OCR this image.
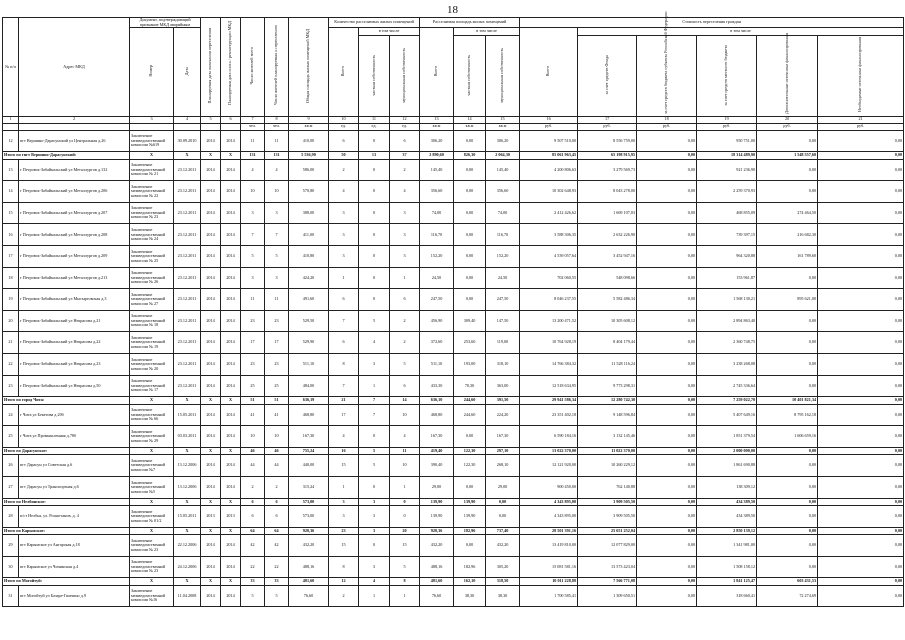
18
№ п/п	Адрес МКД	Документ, подтверждающий признание МКД аварийным		Планируемая дата окончания переселения	Планируемая дата сноса / реконструкции МКД	Число жителей всего	Число жителей планируемых к переселению	Общая площадь жилых помещений МКД	Количество расселяемых жилых помещений			Расселяемая площадь жилых помещений			Стоимость переселения граждан					
		Номер	Дата						Всего	в том числе		Всего	в том числе		Всего	в том числе				
										частная собственность	муниципальная собственность		частная собственность	муниципальная собственность		за счет средств Фонда	за счет средств бюджета субъекта Российской Федерации	за счет средств местного бюджета	Дополнительные источники финансирования	Необходимые источники финансирования
1	2	3	4	5	6	7	8	9	10	11	12	13	14	15	16	17	18	19	20	21
						чел.	чел.	кв.м	ед.	ед.	ед.	кв.м	кв.м	кв.м	руб.	руб.	руб.	руб.	руб.	руб.
12	пгт Вершино-Дарасунский ул Центральная д.26	Заключение межведомственной комиссии №619	30.09.2010	2014	2014	11	11	410,00	6	0	6	306,20	0,00	306,20	9 507 510,00	8 556 759,00	0,00	950 751,00	0,00	0,00
Итого по гпгт Вершино-Дарасунский:		X	X	X	X	131	131	5 536,90	50	13	37	2 890,60	826,30	2 064,30	85 061 963,45	65 198 915,95	0,00	18 314 489,90	1 548 557,60	0,00
13	г Петровск-Забайкальский ул Металлургов д.132	Заключение межведомственной комиссии № 21	23.12.2011	2014	2014	4	4	586,00	2	0	2	145,40	0,00	145,40	4 200 806,63	3 279 569,73	0,00	921 236,90	0,00	0,00
14	г Петровск-Забайкальский ул Металлургов д.206	Заключение межведомственной комиссии № 22	23.12.2011	2014	2014	10	10	570,80	4	0	4	356,60	0,00	356,60	10 302 648,93	8 043 278,00	0,00	2 259 370,93	0,00	0,00
15	г Петровск-Забайкальский ул Металлургов д.207	Заключение межведомственной комиссии № 23	23.12.2011	2014	2014	3	3	388,00	3	0	3	74,00	0,00	74,00	2 412 426,62	1 669 107,03	0,00	468 855,09	274 464,50	0,00
16	г Петровск-Забайкальский ул Металлургов д.208	Заключение межведомственной комиссии № 24	23.12.2011	2014	2014	7	7	411,00	3	0	3	116,70	0,00	116,70	3 588 306,35	2 632 226,90	0,00	739 397,15	216 682,30	0,00
17	г Петровск-Забайкальский ул Металлургов д.209	Заключение межведомственной комиссии № 25	23.12.2011	2014	2014	5	5	410,80	3	0	3	152,20	0,00	152,20	4 539 057,64	3 452 947,16	0,00	964 320,88	161 789,60	0,00
18	г Петровск-Забайкальский ул Металлургов д.213	Заключение межведомственной комиссии № 26	23.12.2011	2014	2014	3	3	424,20	1	0	1	24,50	0,00	24,50	702 060,55	548 098,66	0,00	153 961,87	0,00	0,00
19	г Петровск-Забайкальский ул Мысыртовская д.3	Заключение межведомственной комиссии № 27	23.12.2011	2014	2014	11	11	491,60	6	0	6	247,50	0,00	247,50	8 046 237,55	5 582 486,34	0,00	1 568 130,21	895 621,00	0,00
20	г Петровск-Забайкальский ул Некрасова д.21	Заключение межведомственной комиссии № 18	23.12.2011	2014	2014	23	23	529,50	7	5	2	456,90	309,40	147,50	13 200 471,52	10 305 608,12	0,00	2 894 863,40	0,00	0,00
21	г Петровск-Забайкальский ул Некрасова д.22	Заключение межведомственной комиссии № 19	23.12.2011	2014	2014	17	17	529,90	6	4	2	372,60	253,60	119,00	10 764 928,19	8 404 179,44	0,00	2 360 748,75	0,00	0,00
22	г Петровск-Забайкальский ул Некрасова д.23	Заключение межведомственной комиссии № 20	23.12.2011	2014	2014	23	23	511,10	8	3	5	511,10	193,00	318,10	14 766 384,32	11 528 116,24	0,00	3 238 268,08	0,00	0,00
23	г Петровск-Забайкальский ул Некрасова д.50	Заключение межведомственной комиссии № 17	23.12.2011	2014	2014	25	25	484,00	7	1	6	433,30	70,30	363,00	12 518 634,95	9 773 298,31	0,00	2 745 336,64	0,00	0,00
Итого по город Чита:		X	X	X	X	51	51	636,19	21	7	14	636,10	244,60	391,50	29 941 586,34	12 280 742,30	0,00	7 259 022,70	10 401 821,34	0,00
24	г Чита ул Бекетова д.20б	Заключение межведомственной комиссии № 66	15.05.2011	2014	2014	41	41	468,80	17	7	10	468,80	244,60	224,20	23 351 402,18	9 148 596,84	0,00	5 407 649,16	8 795 162,18	0,00
25	г Чита ул Промышленная д.78б	Заключение межведомственной комиссии № 29	03.03.2011	2014	2014	10	10	167,30	4	0	4	167,30	0,00	167,30	6 590 184,16	3 132 145,46	0,00	1 851 379,54	1 606 659,16	0,00
Итого по Дарасунское:		X	X	X	X	46	46	755,24	16	5	11	419,40	122,30	297,10	13 022 370,00	11 022 370,00	0,00	2 000 000,00	0,00	0,00
26	пгт Дарасун ул Советская д.6	Заключение межведомственной комиссии №7	13.12.2006	2014	2014	44	44	440,00	15	5	10	390,40	122,30	268,10	12 121 920,00	10 260 229,12	0,00	1 861 690,88	0,00	0,00
27	пгт Дарасун ул Транспортная д.6	Заключение межведомственной комиссии №5	13.12.2006	2014	2014	2	2	315,24	1	0	1	29,00	0,00	29,00	900 450,00	762 140,88	0,00	138 309,12	0,00	0,00
Итого по Нелбинское:		X	X	X	X	6	6	573,00	3	3	0	139,90	139,90	0,00	4 343 895,00	3 909 505,50	0,00	434 389,50	0,00	0,00
28	п/ст Нелбья, ул. Рошагтанов, д. 4	Заключение межведомственной комиссии № 01/2	15.05.2011	2013	2013	6	6	573,00	3	3	0	139,90	139,90	0,00	4 343 895,00	3 909 505,50	0,00	434 389,50	0,00	0,00
Итого по Карымское:		X	X	X	X	64	64	920,36	23	3	20	920,36	182,96	737,40	28 501 391,16	25 651 252,04	0,00	2 850 139,12	0,00	0,00
29	пгт Карымское ул Ангарская д.18	Заключение межведомственной комиссии № 23	22.12.2006	2014	2014	42	42	432,20	15	0	15	432,20	0,00	432,20	13 419 810,00	12 077 829,00	0,00	1 341 981,00	0,00	0,00
30	пгт Карымское ул Чичинская д.4	Заключение межведомственной комиссии № 23	24.12.2006	2014	2014	22	22	488,16	8	3	5	488,16	182,96	305,20	15 081 581,16	13 573 423,04	0,00	1 508 158,12	0,00	0,00
Итого по Могойтуй:		X	X	X	X	33	33	481,60	12	4	8	481,60	162,10	318,50	10 011 228,88	7 566 771,08	0,00	1 841 125,47	603 431,53	0,00
31	пгт Могойтуй ул Базаре-Гимчино д.9	Заключение межведомственной комиссии №16	11.04.2008	2014	2014	5	5	76,60	2	1	1	76,60	38,30	38,30	1 700 585,41	1 309 650,51	0,00	318 660,41	72 274,69	0,00
